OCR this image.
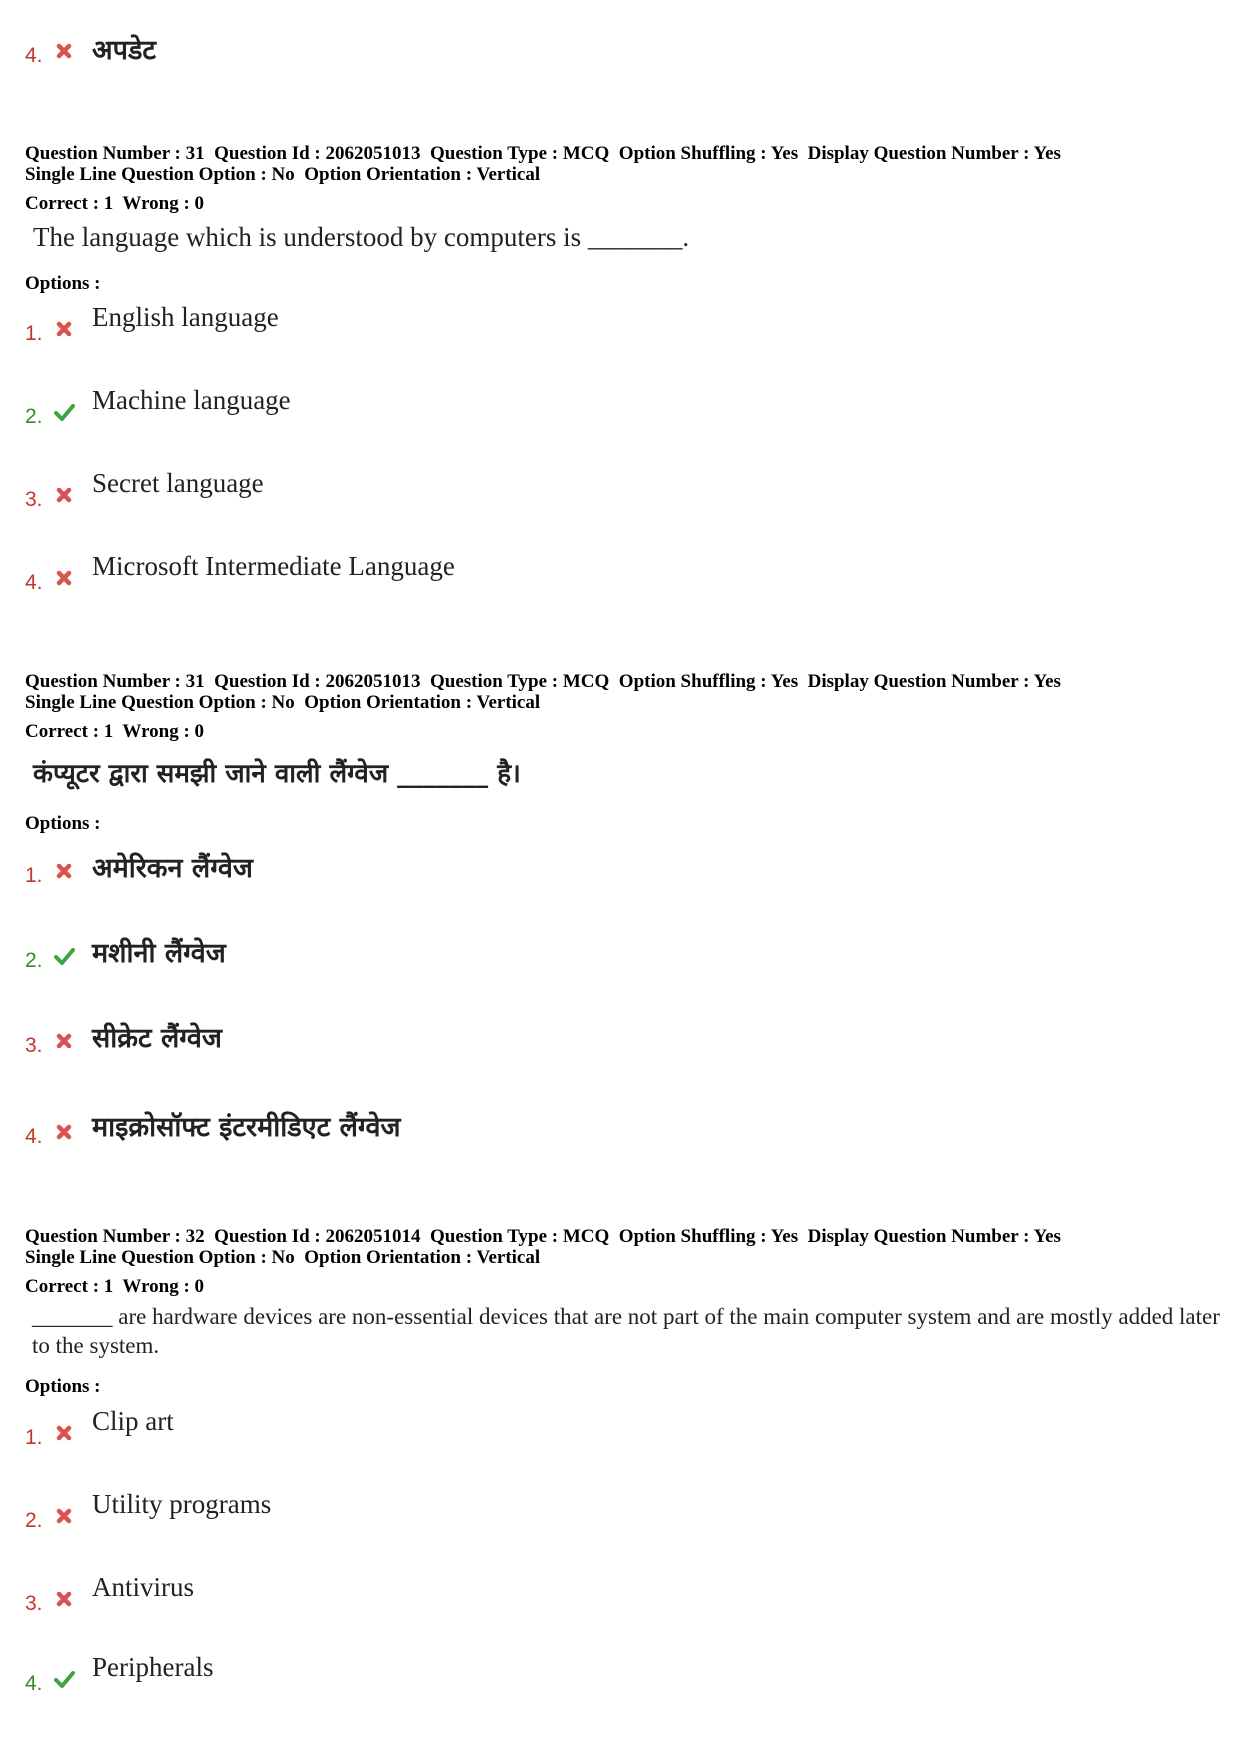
4. अपडेट
Question Number : 31  Question Id : 2062051013  Question Type : MCQ  Option Shuffling : Yes  Display Question Number : Yes
Single Line Question Option : No  Option Orientation : Vertical
Correct : 1  Wrong : 0
The language which is understood by computers is _______.
Options :
1.
English language
2.
Machine language
3.
Secret language
4.
Microsoft Intermediate Language
Question Number : 31  Question Id : 2062051013  Question Type : MCQ  Option Shuffling : Yes  Display Question Number : Yes
Single Line Question Option : No  Option Orientation : Vertical
Correct : 1  Wrong : 0
कंप्यूटर द्वारा समझी जाने वाली लैंग्वेज _______ है।
Options :
1. अमेरिकन लैंग्वेज
2. मशीनी लैंग्वेज
3. सीक्रेट लैंग्वेज
4. माइक्रोसॉफ्ट इंटरमीडिएट लैंग्वेज
Question Number : 32  Question Id : 2062051014  Question Type : MCQ  Option Shuffling : Yes  Display Question Number : Yes
Single Line Question Option : No  Option Orientation : Vertical
Correct : 1  Wrong : 0
_______ are hardware devices are non-essential devices that are not part of the main computer system and are mostly added later to the system.
Options :
1.
Clip art
2.
Utility programs
3.
Antivirus
4.
Peripherals
